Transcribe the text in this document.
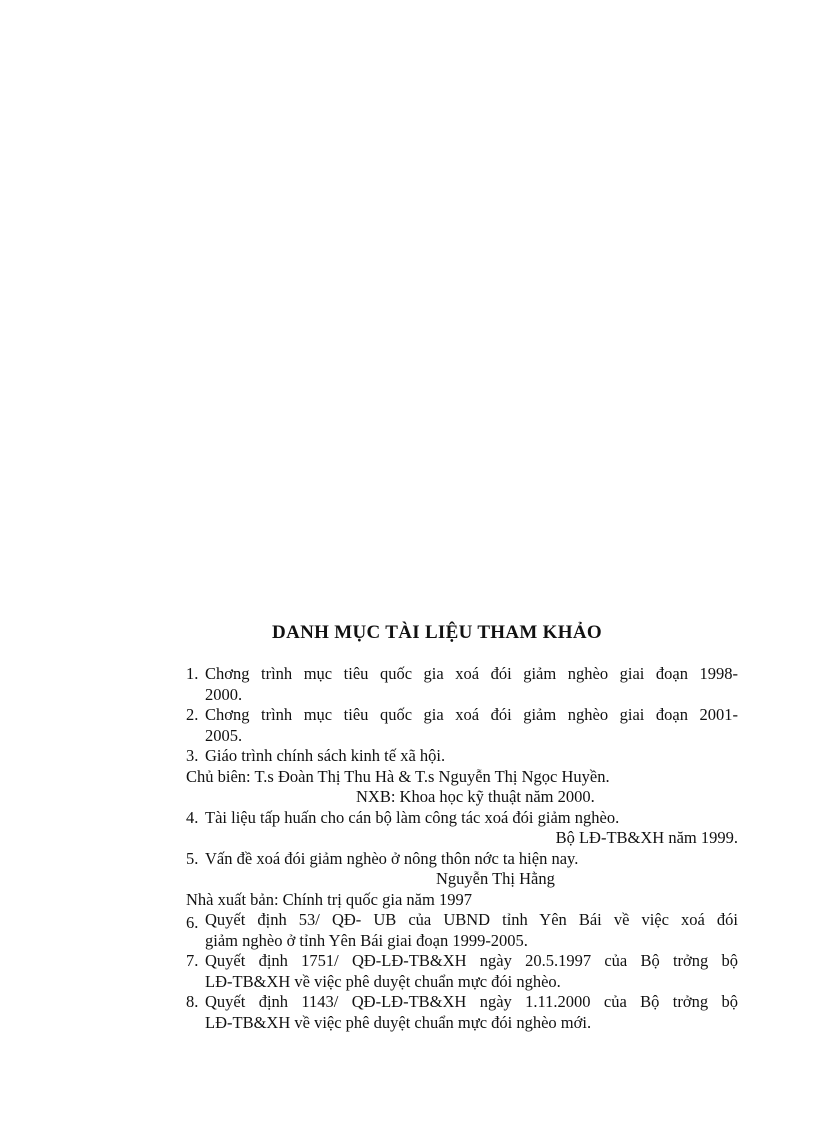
DANH MỤC TÀI LIỆU THAM KHẢO
1. Chơng trình mục tiêu quốc gia xoá đói giảm nghèo giai đoạn 1998-
2000.
2. Chơng trình mục tiêu quốc gia xoá đói giảm nghèo giai đoạn 2001-
2005.
3. Giáo trình chính sách kinh tế xã hội.
Chủ biên: T.s Đoàn Thị Thu Hà & T.s Nguyễn Thị Ngọc Huyền.
NXB: Khoa học kỹ thuật năm 2000.
4. Tài liệu tấp huấn cho cán bộ làm công tác xoá đói giảm nghèo.
Bộ LĐ-TB&XH năm 1999.
5. Vấn đề xoá đói giảm nghèo ở nông thôn nớc ta hiện nay.
Nguyễn Thị Hằng
Nhà xuất bản: Chính trị quốc gia năm 1997
6. Quyết định 53/ QĐ- UB của UBND tỉnh Yên Bái về việc xoá đói
giảm nghèo ở tỉnh Yên Bái giai đoạn 1999-2005.
7. Quyết định 1751/ QĐ-LĐ-TB&XH ngày 20.5.1997 của Bộ trởng bộ
LĐ-TB&XH về việc phê duyệt chuẩn mực đói nghèo.
8. Quyết định 1143/ QĐ-LĐ-TB&XH ngày 1.11.2000 của Bộ trởng bộ
LĐ-TB&XH về việc phê duyệt chuẩn mực đói nghèo mới.
